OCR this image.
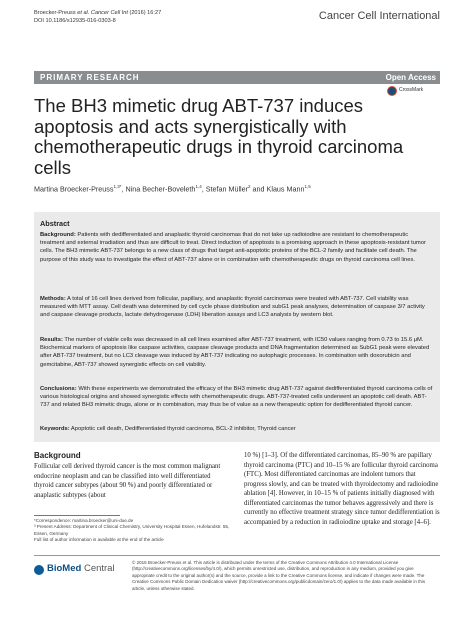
Broecker-Preuss et al. Cancer Cell Int (2016) 16:27
DOI 10.1186/s12935-016-0303-8	Cancer Cell International
PRIMARY RESEARCH	Open Access
CrossMark
The BH3 mimetic drug ABT-737 induces apoptosis and acts synergistically with chemotherapeutic drugs in thyroid carcinoma cells
Martina Broecker-Preuss$^{1,3*}$, Nina Becher-Boveleth$^{1,4}$, Stefan Müller$^2$ and Klaus Mann$^{1,5}$
Abstract

Background: Patients with dedifferentiated and anaplastic thyroid carcinomas that do not take up radioiodine are resistant to chemotherapeutic treatment and external irradiation and thus are difficult to treat. Direct induction of apoptosis is a promising approach in these apoptosis-resistant tumor cells. The BH3 mimetic ABT-737 belongs to a new class of drugs that target anti-apoptotic proteins of the BCL-2 family and facilitate cell death. The purpose of this study was to investigate the effect of ABT-737 alone or in combination with chemotherapeutic drugs on thyroid carcinoma cell lines.

Methods: A total of 16 cell lines derived from follicular, papillary, and anaplastic thyroid carcinomas were treated with ABT-737. Cell viability was measured with MTT assay. Cell death was determined by cell cycle phase distribution and subG1 peak analyses, determination of caspase 3/7 activity and caspase cleavage products, lactate dehydrogenase (LDH) liberation assays and LC3 analysis by western blot.

Results: The number of viable cells was decreased in all cell lines examined after ABT-737 treatment, with IC50 values ranging from 0.73 to 15.6 μM. Biochemical markers of apoptosis like caspase activities, caspase cleavage products and DNA fragmentation determined as SubG1 peak were elevated after ABT-737 treatment, but no LC3 cleavage was induced by ABT-737 indicating no autophagic processes. In combination with doxorubicin and gemcitabine, ABT-737 showed synergistic effects on cell viability.

Conclusions: With these experiments we demonstrated the efficacy of the BH3 mimetic drug ABT-737 against dedifferentiated thyroid carcinoma cells of various histological origins and showed synergistic effects with chemotherapeutic drugs. ABT-737-treated cells underwent an apoptotic cell death. ABT-737 and related BH3 mimetic drugs, alone or in combination, may thus be of value as a new therapeutic option for dedifferentiated thyroid cancer.

Keywords: Apoptotic cell death, Dedifferentiated thyroid carcinoma, BCL-2 inhibitor, Thyroid cancer

Background

Follicular cell derived thyroid cancer is the most common malignant endocrine neoplasm and can be classified into well differentiated thyroid cancer subtypes (about 90 %) and poorly differentiated or anaplastic subtypes (about

10 %) [1–3]. Of the differentiated carcinomas, 85–90 % are papillary thyroid carcinoma (PTC) and 10–15 % are follicular thyroid carcinoma (FTC). Most differentiated carcinomas are indolent tumors that progress slowly, and can be treated with thyroidectomy and radioiodine ablation [4]. However, in 10–15 % of patients initially diagnosed with differentiated carcinomas the tumor behaves aggressively and there is currently no effective treatment strategy since tumor dedifferentiation is accompanied by a reduction in radioiodine uptake and storage [4–6].

*Correspondence: martina.broecker@uni-due.de
³ Present Address: Department of Clinical Chemistry, University Hospital Essen, Hufelandstr. 55, Essen, Germany
Full list of author information is available at the end of the article
BioMed Central

© 2016 Broecker-Preuss et al. This article is distributed under the terms of the Creative Commons Attribution 4.0 International License (http://creativecommons.org/licenses/by/4.0/), which permits unrestricted use, distribution, and reproduction in any medium, provided you give appropriate credit to the original author(s) and the source, provide a link to the Creative Commons license, and indicate if changes were made. The Creative Commons Public Domain Dedication waiver (http://creativecommons.org/publicdomain/zero/1.0/) applies to the data made available in this article, unless otherwise stated.
